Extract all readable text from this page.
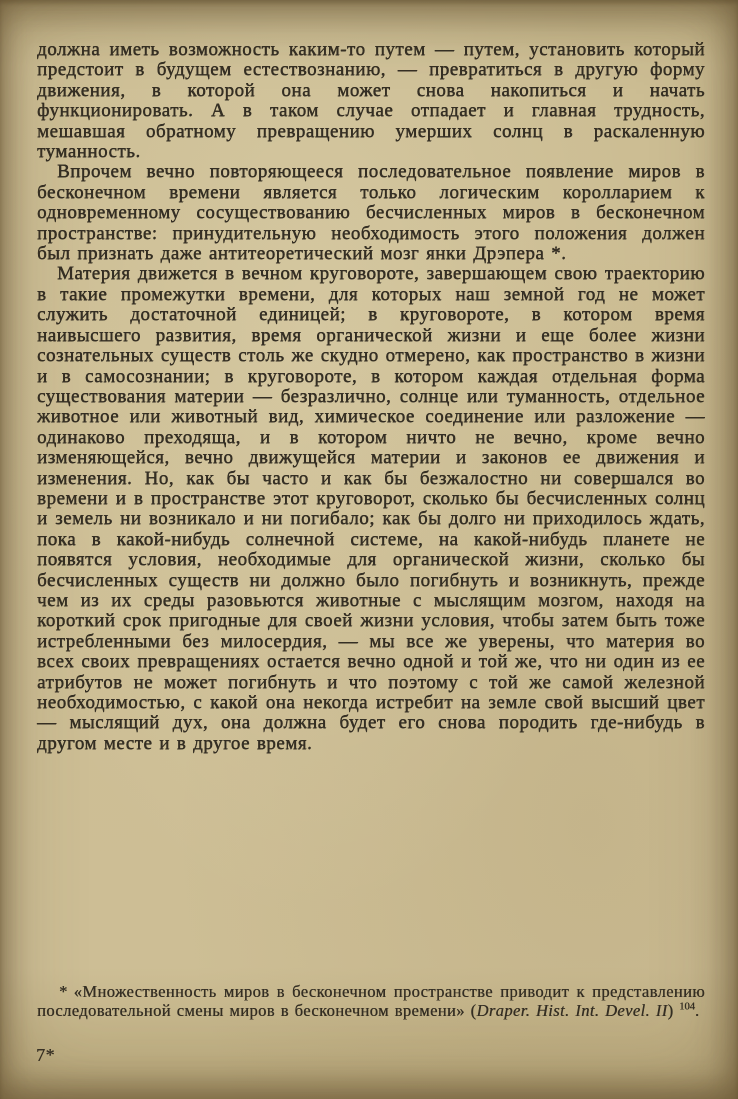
должна иметь возможность каким-то путем — путем, установить который предстоит в будущем естествознанию, — превратиться в другую форму движения, в которой она может снова накопиться и начать функционировать. А в таком случае отпадает и главная трудность, мешавшая обратному превращению умерших солнц в раскаленную туманность.

Впрочем вечно повторяющееся последовательное появление миров в бесконечном времени является только логическим королларием к одновременному сосуществованию бесчисленных миров в бесконечном пространстве: принудительную необходимость этого положения должен был признать даже антитеоретический мозг янки Дрэпера *.

Материя движется в вечном круговороте, завершающем свою траекторию в такие промежутки времени, для которых наш земной год не может служить достаточной единицей; в круговороте, в котором время наивысшего развития, время органической жизни и еще более жизни сознательных существ столь же скудно отмерено, как пространство в жизни и в самосознании; в круговороте, в котором каждая отдельная форма существования материи — безразлично, солнце или туманность, отдельное животное или животный вид, химическое соединение или разложение — одинаково преходяща, и в котором ничто не вечно, кроме вечно изменяющейся, вечно движущейся материи и законов ее движения и изменения. Но, как бы часто и как бы безжалостно ни совершался во времени и в пространстве этот круговорот, сколько бы бесчисленных солнц и земель ни возникало и ни погибало; как бы долго ни приходилось ждать, пока в какой-нибудь солнечной системе, на какой-нибудь планете не появятся условия, необходимые для органической жизни, сколько бы бесчисленных существ ни должно было погибнуть и возникнуть, прежде чем из их среды разовьются животные с мыслящим мозгом, находя на короткий срок пригодные для своей жизни условия, чтобы затем быть тоже истребленными без милосердия, — мы все же уверены, что материя во всех своих превращениях остается вечно одной и той же, что ни один из ее атрибутов не может погибнуть и что поэтому с той же самой железной необходимостью, с какой она некогда истребит на земле свой высший цвет — мыслящий дух, она должна будет его снова породить где-нибудь в другом месте и в другое время.

* «Множественность миров в бесконечном пространстве приводит к представлению последовательной смены миров в бесконечном времени» (Draper. Hist. Int. Devel. II) $^{104}$.
7*
